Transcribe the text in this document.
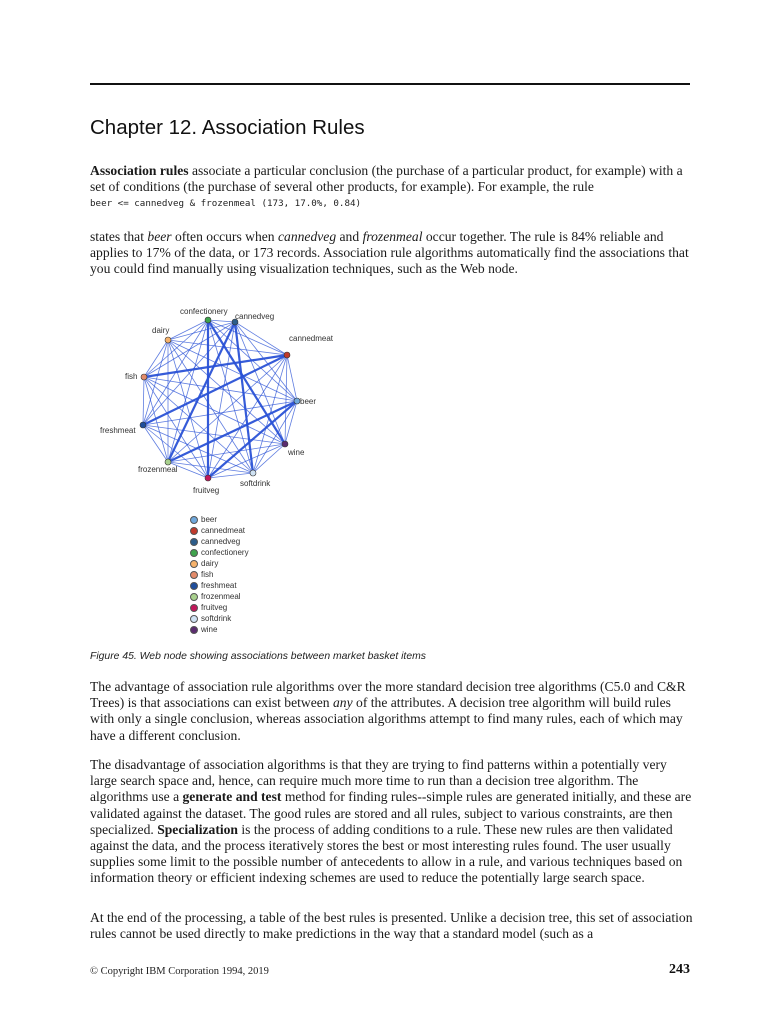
Chapter 12. Association Rules

Association rules associate a particular conclusion (the purchase of a particular product, for example) with a set of conditions (the purchase of several other products, for example). For example, the rule

beer <= cannedveg & frozenmeal (173, 17.0%, 0.84)

states that beer often occurs when cannedveg and frozenmeal occur together. The rule is 84% reliable and applies to 17% of the data, or 173 records. Association rule algorithms automatically find the associations that you could find manually using visualization techniques, such as the Web node.

confectionery
cannedveg
cannedmeat
beer
wine
softdrink
fruitveg
frozenmeal
freshmeat
fish
dairy
beer
cannedmeat
cannedveg
confectionery
dairy
fish
freshmeat
frozenmeal
fruitveg
softdrink
wine
Figure 45. Web node showing associations between market basket items

The advantage of association rule algorithms over the more standard decision tree algorithms (C5.0 and C&R Trees) is that associations can exist between any of the attributes. A decision tree algorithm will build rules with only a single conclusion, whereas association algorithms attempt to find many rules, each of which may have a different conclusion.

The disadvantage of association algorithms is that they are trying to find patterns within a potentially very large search space and, hence, can require much more time to run than a decision tree algorithm. The algorithms use a generate and test method for finding rules--simple rules are generated initially, and these are validated against the dataset. The good rules are stored and all rules, subject to various constraints, are then specialized. Specialization is the process of adding conditions to a rule. These new rules are then validated against the data, and the process iteratively stores the best or most interesting rules found. The user usually supplies some limit to the possible number of antecedents to allow in a rule, and various techniques based on information theory or efficient indexing schemes are used to reduce the potentially large search space.

At the end of the processing, a table of the best rules is presented. Unlike a decision tree, this set of association rules cannot be used directly to make predictions in the way that a standard model (such as a

© Copyright IBM Corporation 1994, 2019	243
